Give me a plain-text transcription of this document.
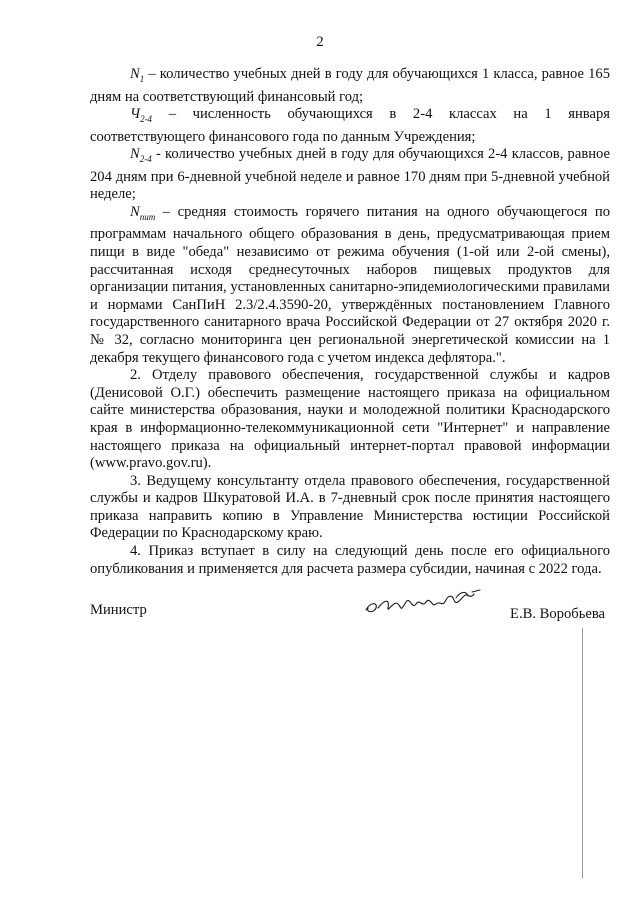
2

$N_1$ – количество учебных дней в году для обучающихся 1 класса, равное 165 дням на соответствующий финансовый год;

$Ч_{2-4}$ – численность обучающихся в 2-4 классах на 1 января соответствующего финансового года по данным Учреждения;

$N_{2-4}$ - количество учебных дней в году для обучающихся 2-4 классов, равное 204 дням при 6-дневной учебной неделе и равное 170 дням при 5-дневной учебной неделе;

$N_{пит}$ – средняя стоимость горячего питания на одного обучающегося по программам начального общего образования в день, предусматривающая прием пищи в виде "обеда" независимо от режима обучения (1-ой или 2-ой смены), рассчитанная исходя среднесуточных наборов пищевых продуктов для организации питания, установленных санитарно-эпидемиологическими правилами и нормами СанПиН 2.3/2.4.3590-20, утверждённых постановлением Главного государственного санитарного врача Российской Федерации от 27 октября 2020 г. № 32, согласно мониторинга цен региональной энергетической комиссии на 1 декабря текущего финансового года с учетом индекса дефлятора.".

2. Отделу правового обеспечения, государственной службы и кадров (Денисовой О.Г.) обеспечить размещение настоящего приказа на официальном сайте министерства образования, науки и молодежной политики Краснодарского края в информационно-телекоммуникационной сети "Интернет" и направление настоящего приказа на официальный интернет-портал правовой информации (www.pravo.gov.ru).

3. Ведущему консультанту отдела правового обеспечения, государственной службы и кадров Шкуратовой И.А. в 7-дневный срок после принятия настоящего приказа направить копию в Управление Министерства юстиции Российской Федерации по Краснодарскому краю.

4. Приказ вступает в силу на следующий день после его официального опубликования и применяется для расчета размера субсидии, начиная с 2022 года.

Министр	Е.В. Воробьева
